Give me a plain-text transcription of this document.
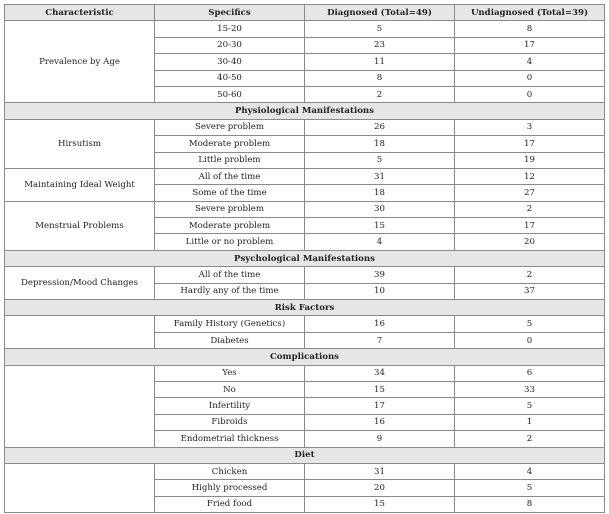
Characteristic	Specifics	Diagnosed (Total=49)	Undiagnosed (Total=39)
Prevalence by Age	15-20	5	8
	20-30	23	17
	30-40	11	4
	40-50	8	0
	50-60	2	0
Physiological Manifestations			
Hirsutism	Severe problem	26	3
	Moderate problem	18	17
	Little problem	5	19
Maintaining Ideal Weight	All of the time	31	12
	Some of the time	18	27
Menstrual Problems	Severe problem	30	2
	Moderate problem	15	17
	Little or no problem	4	20
Psychological Manifestations			
Depression/Mood Changes	All of the time	39	2
	Hardly any of the time	10	37
Risk Factors			
	Family History (Genetics)	16	5
	Diabetes	7	0
Complications			
	Yes	34	6
	No	15	33
	Infertility	17	5
	Fibroids	16	1
	Endometrial thickness	9	2
Diet			
	Chicken	31	4
	Highly processed	20	5
	Fried food	15	8
